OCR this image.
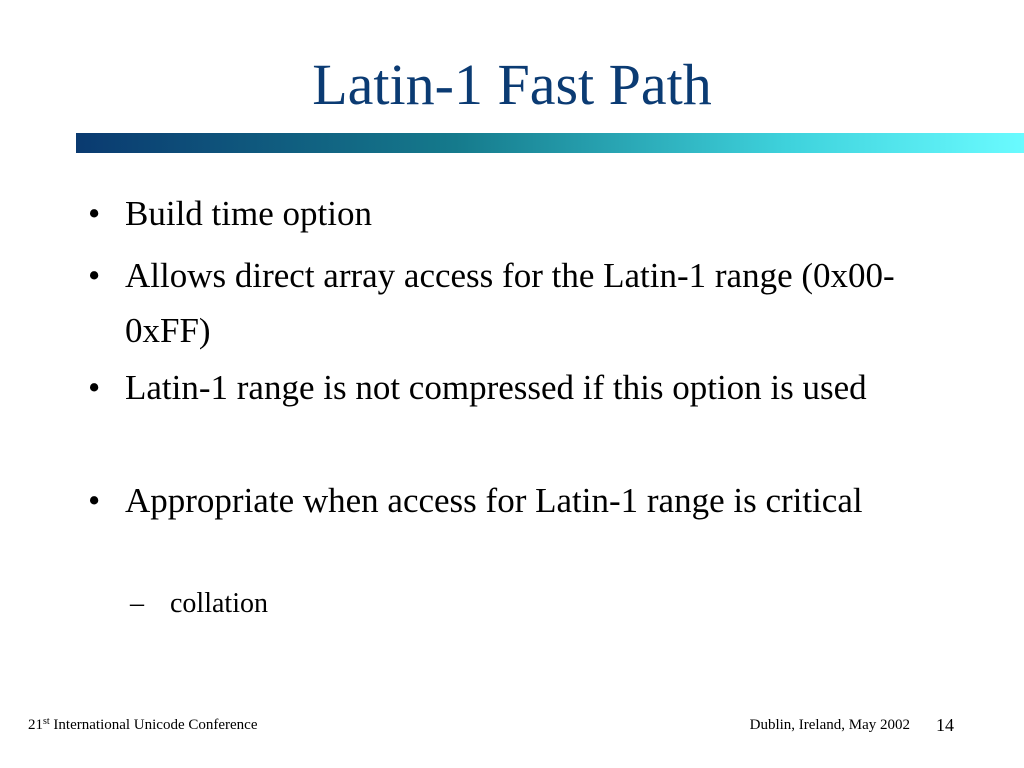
Latin-1 Fast Path
• Build time option
• Allows direct array access for the Latin-1 range (0x00-0xFF)
• Latin-1 range is not compressed if this option is used
• Appropriate when access for Latin-1 range is critical
– collation
21st International Unicode Conference	Dublin, Ireland, May 2002 14
